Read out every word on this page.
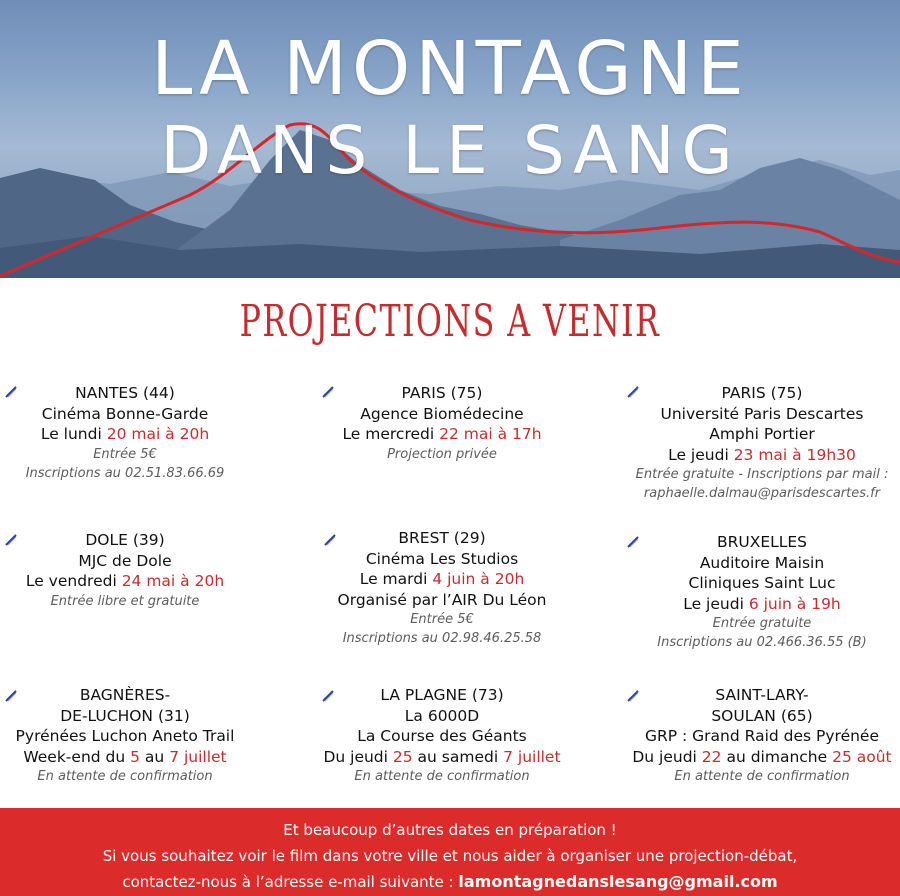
LA MONTAGNE
DANS LE SANG
PROJECTIONS A VENIR
NANTES (44)
Cinéma Bonne-Garde
Le lundi 20 mai à 20h
Entrée 5€
Inscriptions au 02.51.83.66.69
PARIS (75)
Agence Biomédecine
Le mercredi 22 mai à 17h
Projection privée
PARIS (75)
Université Paris Descartes
Amphi Portier
Le jeudi 23 mai à 19h30
Entrée gratuite - Inscriptions par mail :
raphaelle.dalmau@parisdescartes.fr
DOLE (39)
MJC de Dole
Le vendredi 24 mai à 20h
Entrée libre et gratuite
BREST (29)
Cinéma Les Studios
Le mardi 4 juin à 20h
Organisé par l’AIR Du Léon
Entrée 5€
Inscriptions au 02.98.46.25.58
BRUXELLES
Auditoire Maisin
Cliniques Saint Luc
Le jeudi 6 juin à 19h
Entrée gratuite
Inscriptions au 02.466.36.55 (B)
BAGNÈRES-
DE-LUCHON (31)
Pyrénées Luchon Aneto Trail
Week-end du 5 au 7 juillet
En attente de confirmation
LA PLAGNE (73)
La 6000D
La Course des Géants
Du jeudi 25 au samedi 7 juillet
En attente de confirmation
SAINT-LARY-
SOULAN (65)
GRP : Grand Raid des Pyrénée
Du jeudi 22 au dimanche 25 août
En attente de confirmation
Et beaucoup d’autres dates en préparation !
Si vous souhaitez voir le film dans votre ville et nous aider à organiser une projection-débat,
contactez-nous à l’adresse e-mail suivante : lamontagnedanslesang@gmail.com
